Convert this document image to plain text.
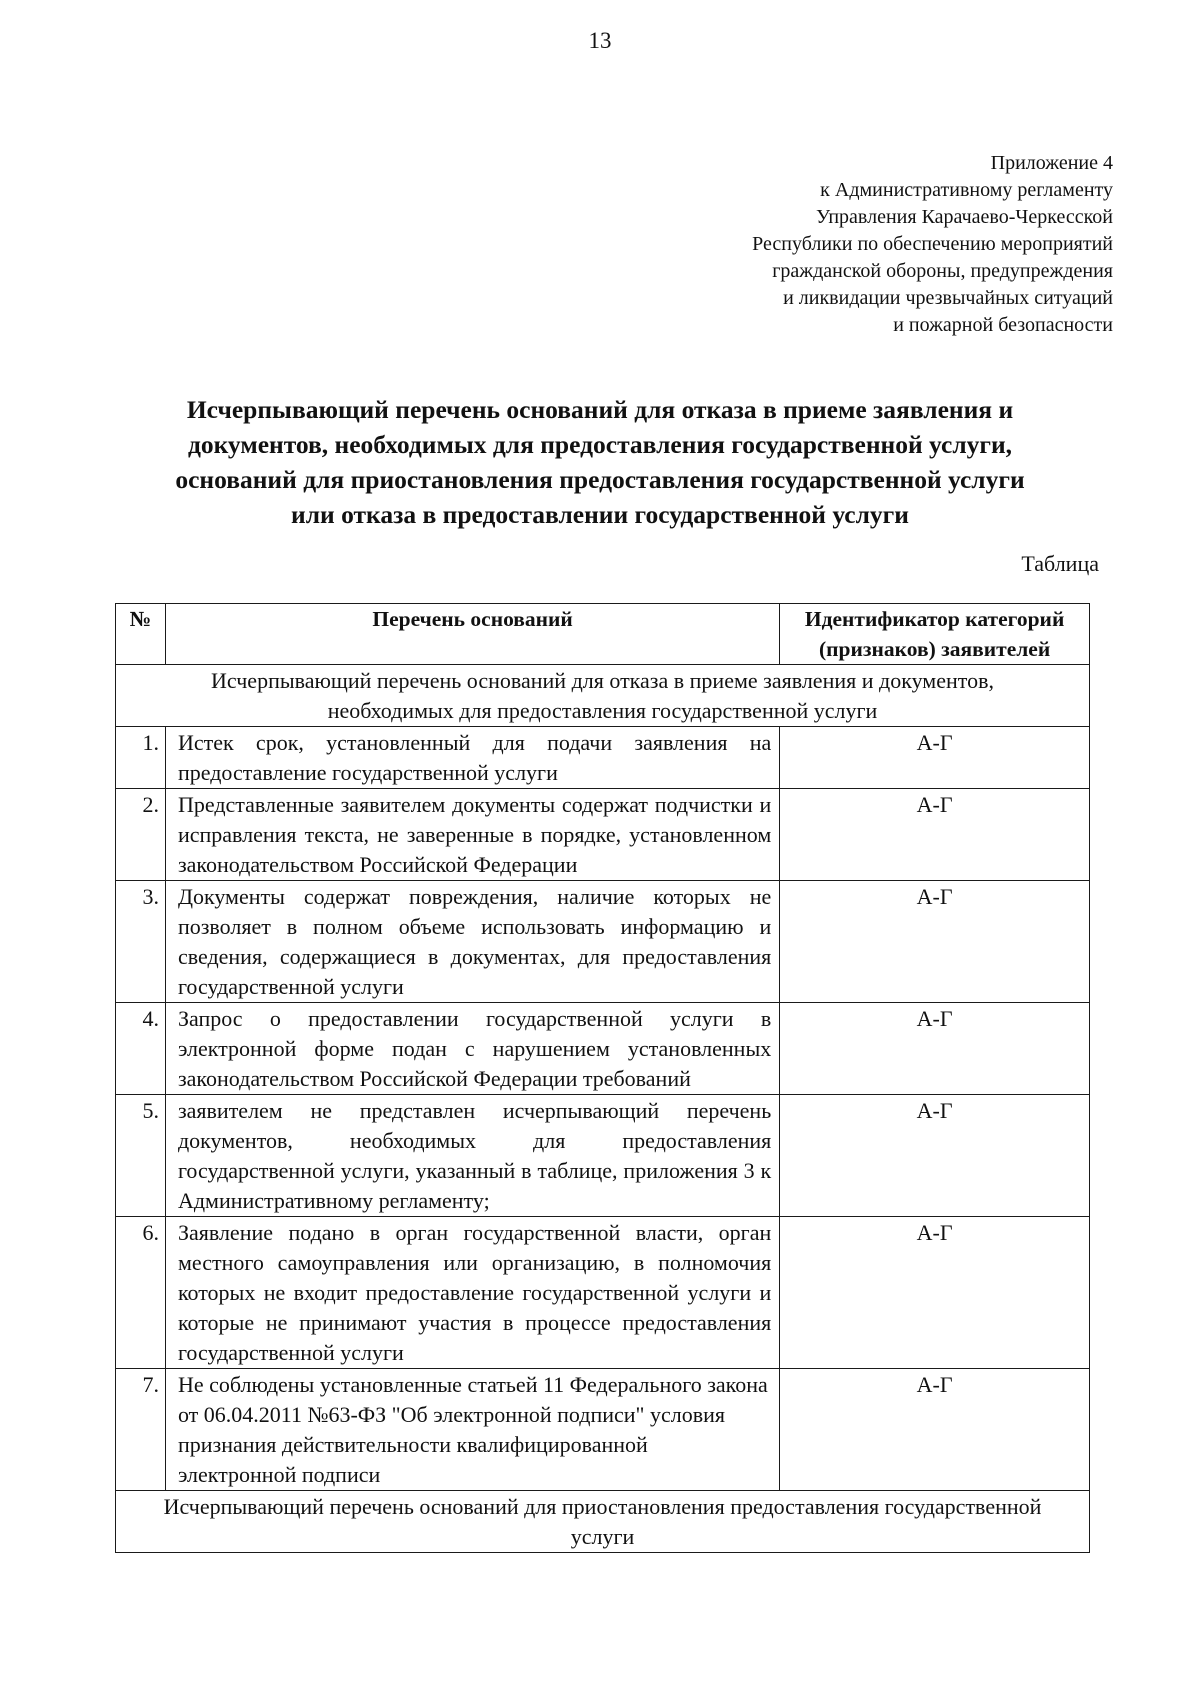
13
Приложение 4
к Административному регламенту
Управления Карачаево-Черкесской
Республики по обеспечению мероприятий
гражданской обороны, предупреждения
и ликвидации чрезвычайных ситуаций
и пожарной безопасности
Исчерпывающий перечень оснований для отказа в приеме заявления и
документов, необходимых для предоставления государственной услуги,
оснований для приостановления предоставления государственной услуги
или отказа в предоставлении государственной услуги
Таблица
№	Перечень оснований	Идентификатор категорий (признаков) заявителей
Исчерпывающий перечень оснований для отказа в приеме заявления и документов, необходимых для предоставления государственной услуги		
1.	Истек срок, установленный для подачи заявления на предоставление государственной услуги	А-Г
2.	Представленные заявителем документы содержат подчистки и исправления текста, не заверенные в порядке, установленном законодательством Российской Федерации	А-Г
3.	Документы содержат повреждения, наличие которых не позволяет в полном объеме использовать информацию и сведения, содержащиеся в документах, для предоставления государственной услуги	А-Г
4.	Запрос о предоставлении государственной услуги в электронной форме подан с нарушением установленных законодательством Российской Федерации требований	А-Г
5.	заявителем не представлен исчерпывающий перечень документов, необходимых для предоставления государственной услуги, указанный в таблице, приложения 3 к Административному регламенту;	А-Г
6.	Заявление подано в орган государственной власти, орган местного самоуправления или организацию, в полномочия которых не входит предоставление государственной услуги и которые не принимают участия в процессе предоставления государственной услуги	А-Г
7.	Не соблюдены установленные статьей 11 Федерального закона от 06.04.2011 №63-ФЗ "Об электронной подписи" условия признания действительности квалифицированной электронной подписи	А-Г
Исчерпывающий перечень оснований для приостановления предоставления государственной услуги		
